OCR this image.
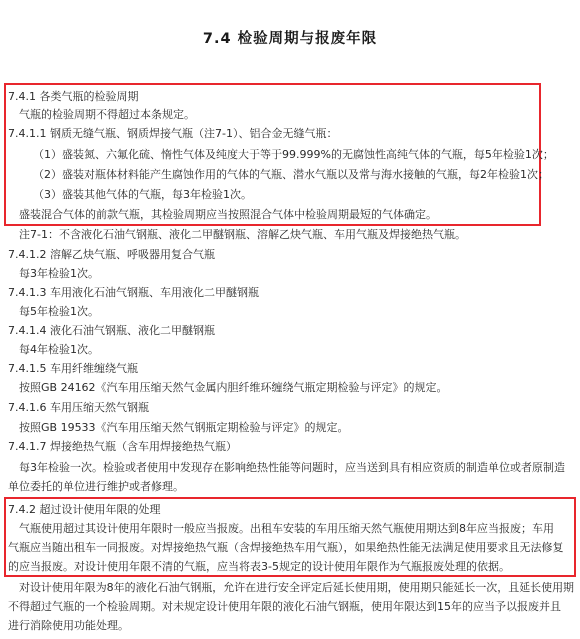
7.4 检验周期与报废年限
7.4.1 各类气瓶的检验周期
气瓶的检验周期不得超过本条规定。
7.4.1.1 钢质无缝气瓶、钢质焊接气瓶（注7-1）、铝合金无缝气瓶：
（1）盛装氮、六氟化硫、惰性气体及纯度大于等于99.999%的无腐蚀性高纯气体的气瓶，每5年检验1次；
（2）盛装对瓶体材料能产生腐蚀作用的气体的气瓶、潜水气瓶以及常与海水接触的气瓶，每2年检验1次；
（3）盛装其他气体的气瓶，每3年检验1次。
盛装混合气体的前款气瓶，其检验周期应当按照混合气体中检验周期最短的气体确定。
注7-1：不含液化石油气钢瓶、液化二甲醚钢瓶、溶解乙炔气瓶、车用气瓶及焊接绝热气瓶。
7.4.1.2 溶解乙炔气瓶、呼吸器用复合气瓶
每3年检验1次。
7.4.1.3 车用液化石油气钢瓶、车用液化二甲醚钢瓶
每5年检验1次。
7.4.1.4 液化石油气钢瓶、液化二甲醚钢瓶
每4年检验1次。
7.4.1.5 车用纤维缠绕气瓶
按照GB 24162《汽车用压缩天然气金属内胆纤维环缠绕气瓶定期检验与评定》的规定。
7.4.1.6 车用压缩天然气钢瓶
按照GB 19533《汽车用压缩天然气钢瓶定期检验与评定》的规定。
7.4.1.7 焊接绝热气瓶（含车用焊接绝热气瓶）
每3年检验一次。检验或者使用中发现存在影响绝热性能等问题时，应当送到具有相应资质的制造单位或者原制造
单位委托的单位进行维护或者修理。
7.4.2 超过设计使用年限的处理
气瓶使用超过其设计使用年限时一般应当报废。出租车安装的车用压缩天然气瓶使用期达到8年应当报废；车用
气瓶应当随出租车一同报废。对焊接绝热气瓶（含焊接绝热车用气瓶），如果绝热性能无法满足使用要求且无法修复
的应当报废。对设计使用年限不清的气瓶，应当将表3-5规定的设计使用年限作为气瓶报废处理的依据。
对设计使用年限为8年的液化石油气钢瓶，允许在进行安全评定后延长使用期，使用期只能延长一次，且延长使用期
不得超过气瓶的一个检验周期。对未规定设计使用年限的液化石油气钢瓶，使用年限达到15年的应当予以报废并且
进行消除使用功能处理。
